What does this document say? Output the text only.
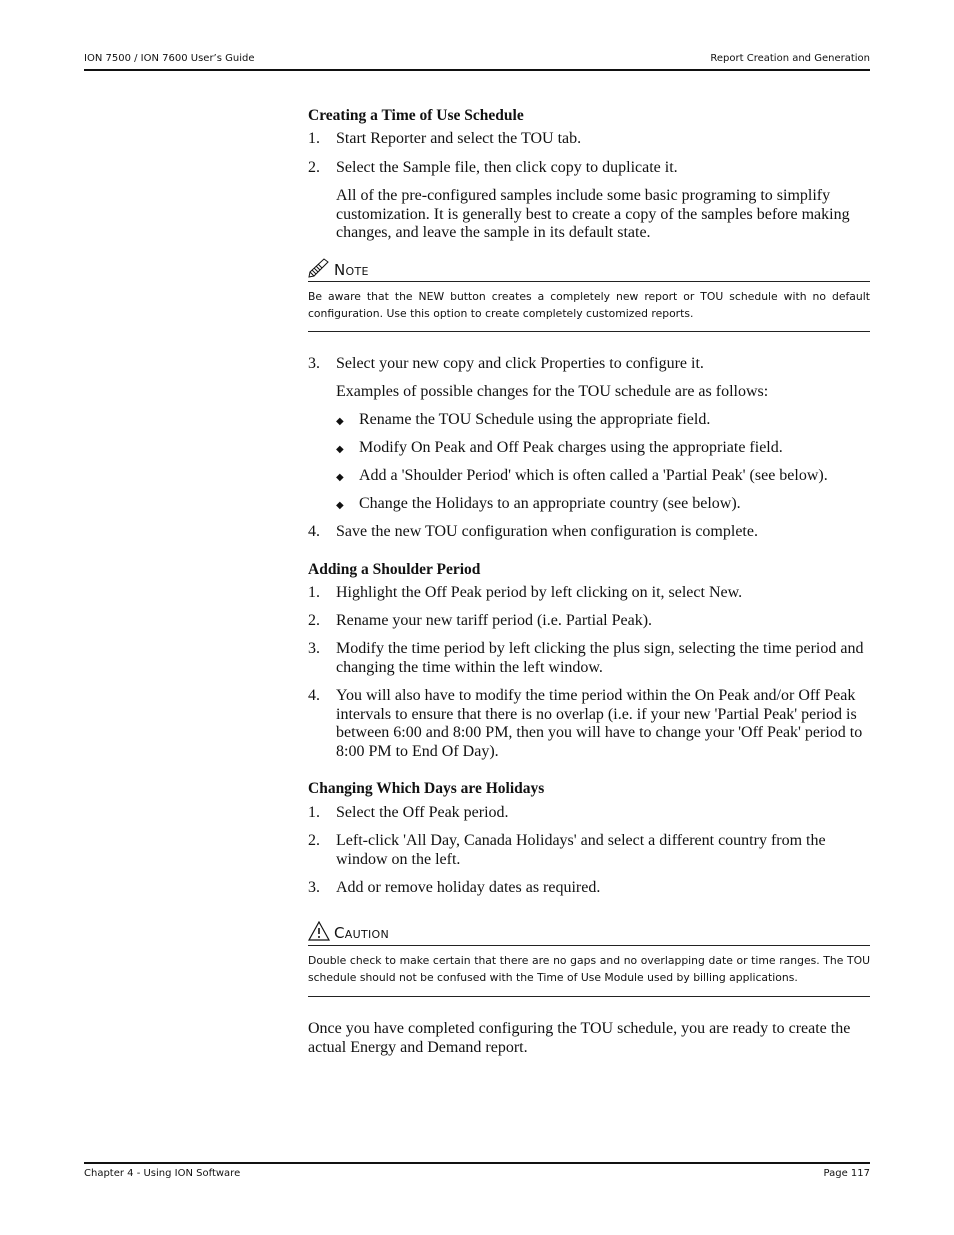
ION 7500 / ION 7600 User’s Guide	Report Creation and Generation
Creating a Time of Use Schedule
1. Start Reporter and select the TOU tab.
2. Select the Sample file, then click copy to duplicate it.
All of the pre-configured samples include some basic programing to simplify customization. It is generally best to create a copy of the samples before making changes, and leave the sample in its default state.
Note
Be aware that the NEW button creates a completely new report or TOU schedule with no default configuration. Use this option to create completely customized reports.
3. Select your new copy and click Properties to configure it.
Examples of possible changes for the TOU schedule are as follows:
◆ Rename the TOU Schedule using the appropriate field.
◆ Modify On Peak and Off Peak charges using the appropriate field.
◆ Add a 'Shoulder Period' which is often called a 'Partial Peak' (see below).
◆ Change the Holidays to an appropriate country (see below).
4. Save the new TOU configuration when configuration is complete.
Adding a Shoulder Period
1. Highlight the Off Peak period by left clicking on it, select New.
2. Rename your new tariff period (i.e. Partial Peak).
3. Modify the time period by left clicking the plus sign, selecting the time period and changing the time within the left window.
4. You will also have to modify the time period within the On Peak and/or Off Peak intervals to ensure that there is no overlap (i.e. if your new 'Partial Peak' period is between 6:00 and 8:00 PM, then you will have to change your 'Off Peak' period to 8:00 PM to End Of Day).
Changing Which Days are Holidays
1. Select the Off Peak period.
2. Left-click 'All Day, Canada Holidays' and select a different country from the window on the left.
3. Add or remove holiday dates as required.
Caution
Double check to make certain that there are no gaps and no overlapping date or time ranges. The TOU schedule should not be confused with the Time of Use Module used by billing applications.
Once you have completed configuring the TOU schedule, you are ready to create the actual Energy and Demand report.
Chapter 4 - Using ION Software	Page 117
